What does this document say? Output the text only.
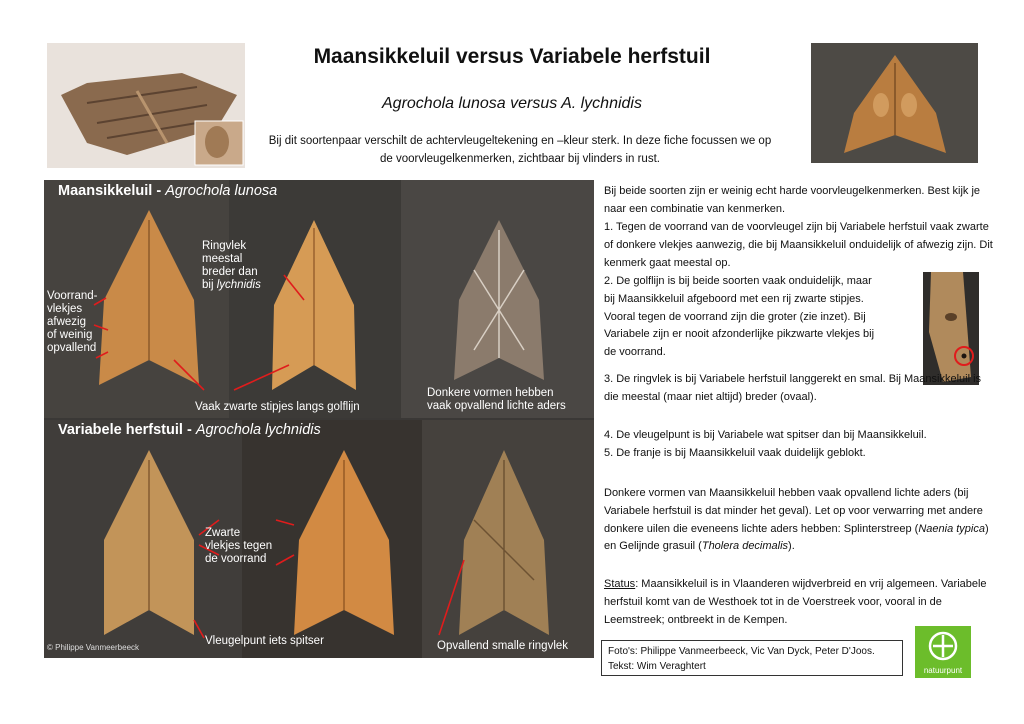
Maansikkeluil versus Variabele herfstuil
Agrochola lunosa versus A. lychnidis
Bij dit soortenpaar verschilt de achtervleugeltekening en –kleur sterk. In deze fiche focussen we op
de voorvleugelkenmerken, zichtbaar bij vlinders in rust.
Maansikkeluil - Agrochola lunosa
Variabele herfstuil - Agrochola lychnidis
Voorrand-
vlekjes
afwezig
of weinig
opvallend
Ringvlek
meestal
breder dan
bij lychnidis
Vaak zwarte stipjes langs golflijn
Donkere vormen hebben
vaak opvallend lichte aders
Zwarte
vlekjes tegen
de voorrand
Vleugelpunt iets spitser	Opvallend smalle ringvlek
© Philippe Vanmeerbeeck
Bij beide soorten zijn er weinig echt harde voorvleugelkenmerken. Best kijk je naar een combinatie van kenmerken.
1. Tegen de voorrand van de voorvleugel zijn bij Variabele herfstuil vaak zwarte of donkere vlekjes aanwezig, die bij Maansikkeluil onduidelijk of afwezig zijn. Dit kenmerk gaat meestal op.
2. De golflijn is bij beide soorten vaak onduidelijk, maar
bij Maansikkeluil afgeboord met een rij zwarte stipjes.
Vooral tegen de voorrand zijn die groter (zie inzet). Bij
Variabele zijn er nooit afzonderlijke pikzwarte vlekjes bij
de voorrand.
3. De ringvlek is bij Variabele herfstuil langgerekt en smal. Bij Maansikkeluil is die meestal (maar niet altijd) breder (ovaal).
4. De vleugelpunt is bij Variabele wat spitser dan bij Maansikkeluil.
5. De franje is bij Maansikkeluil vaak duidelijk geblokt.
Donkere vormen van Maansikkeluil hebben vaak opvallend lichte aders (bij Variabele herfstuil is dat minder het geval). Let op voor verwarring met andere donkere uilen die eveneens lichte aders hebben: Splinterstreep (Naenia typica) en Gelijnde grasuil (Tholera decimalis).
Status: Maansikkeluil is in Vlaanderen wijdverbreid en vrij algemeen. Variabele herfstuil komt van de Westhoek tot in de Voerstreek voor, vooral in de Leemstreek; ontbreekt in de Kempen.
Foto's: Philippe Vanmeerbeeck, Vic Van Dyck, Peter D'Joos.
Tekst: Wim Veraghtert	natuurpunt
